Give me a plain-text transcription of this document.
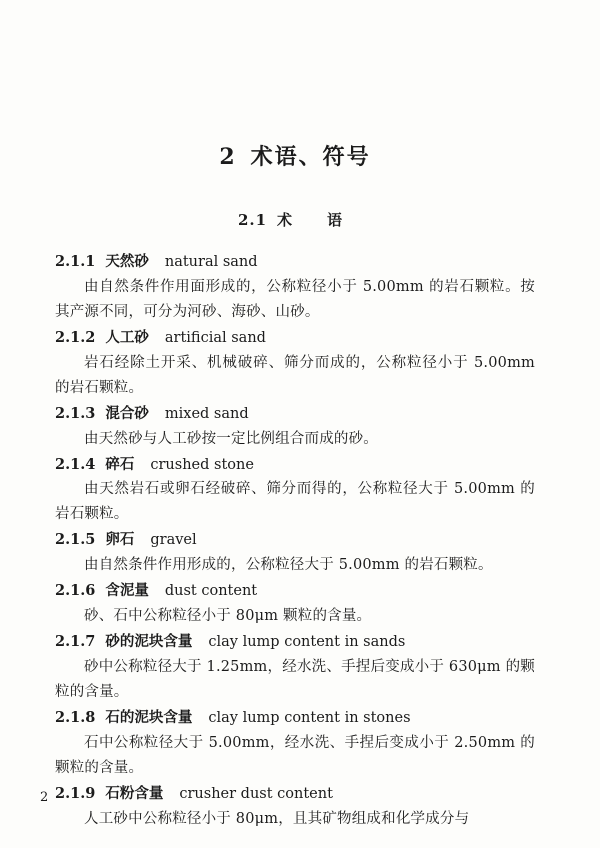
2 术语、符号
2.1 术　语
2.1.1 天然砂 natural sand
由自然条件作用面形成的，公称粒径小于 5.00mm 的岩石颗粒。按其产源不同，可分为河砂、海砂、山砂。
2.1.2 人工砂 artificial sand
岩石经除土开采、机械破碎、筛分而成的，公称粒径小于 5.00mm 的岩石颗粒。
2.1.3 混合砂 mixed sand
由天然砂与人工砂按一定比例组合而成的砂。
2.1.4 碎石 crushed stone
由天然岩石或卵石经破碎、筛分而得的，公称粒径大于 5.00mm 的岩石颗粒。
2.1.5 卵石 gravel
由自然条件作用形成的，公称粒径大于 5.00mm 的岩石颗粒。
2.1.6 含泥量 dust content
砂、石中公称粒径小于 80μm 颗粒的含量。
2.1.7 砂的泥块含量 clay lump content in sands
砂中公称粒径大于 1.25mm，经水洗、手捏后变成小于 630μm 的颗粒的含量。
2.1.8 石的泥块含量 clay lump content in stones
石中公称粒径大于 5.00mm，经水洗、手捏后变成小于 2.50mm 的颗粒的含量。
2.1.9 石粉含量 crusher dust content
人工砂中公称粒径小于 80μm，且其矿物组成和化学成分与
2
